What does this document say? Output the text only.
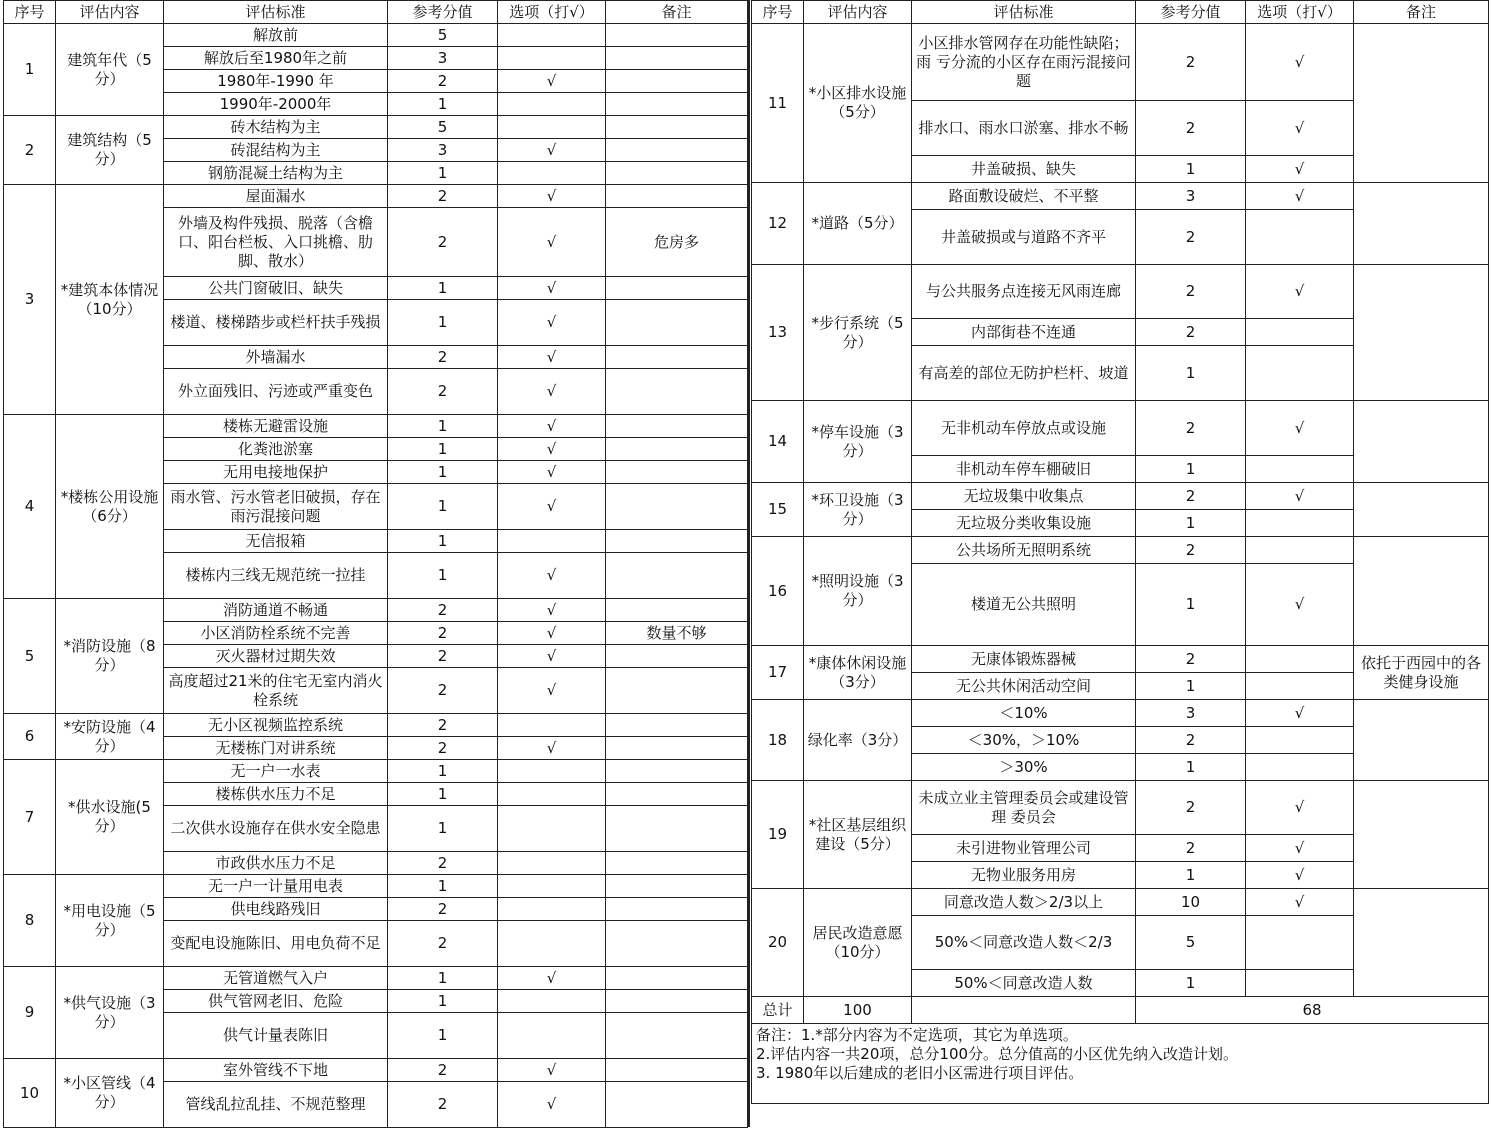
序号	评估内容	评估标准	参考分值	选项（打√）	备注
1	建筑年代（5分）	解放前	5		
		解放后至1980年之前	3		
		1980年-1990 年	2	√	
		1990年-2000年	1		
2	建筑结构（5分）	砖木结构为主	5		
		砖混结构为主	3	√	
		钢筋混凝土结构为主	1		
3	*建筑本体情况（10分）	屋面漏水	2	√	
		外墙及构件残损、脱落（含檐口、阳台栏板、入口挑檐、肋脚、散水）	2	√	危房多
		公共门窗破旧、缺失	1	√	
		楼道、楼梯踏步或栏杆扶手残损	1	√	
		外墙漏水	2	√	
		外立面残旧、污迹或严重变色	2	√	
4	*楼栋公用设施（6分）	楼栋无避雷设施	1	√	
		化粪池淤塞	1	√	
		无用电接地保护	1	√	
		雨水管、污水管老旧破损，存在雨污混接问题	1	√	
		无信报箱	1		
		楼栋内三线无规范统一拉挂	1	√	
5	*消防设施（8分）	消防通道不畅通	2	√	
		小区消防栓系统不完善	2	√	数量不够
		灭火器材过期失效	2	√	
		高度超过21米的住宅无室内消火栓系统	2	√	
6	*安防设施（4分）	无小区视频监控系统	2		
		无楼栋门对讲系统	2	√	
7	*供水设施(5分）	无一户一水表	1		
		楼栋供水压力不足	1		
		二次供水设施存在供水安全隐患	1		
		市政供水压力不足	2		
8	*用电设施（5分）	无一户一计量用电表	1		
		供电线路残旧	2		
		变配电设施陈旧、用电负荷不足	2		
9	*供气设施（3分）	无管道燃气入户	1	√	
		供气管网老旧、危险	1		
		供气计量表陈旧	1		
10	*小区管线（4分）	室外管线不下地	2	√	
		管线乱拉乱挂、不规范整理	2	√	
序号	评估内容	评估标准	参考分值	选项（打√）	备注
11	*小区排水设施（5分）	小区排水管网存在功能性缺陷；雨 亏分流的小区存在雨污混接问题	2	√	
		排水口、雨水口淤塞、排水不畅	2	√	
		井盖破损、缺失	1	√	
12	*道路（5分）	路面敷设破烂、不平整	3	√	
		井盖破损或与道路不齐平	2		
13	*步行系统（5分）	与公共服务点连接无风雨连廊	2	√	
		内部街巷不连通	2		
		有高差的部位无防护栏杆、坡道	1		
14	*停车设施（3分）	无非机动车停放点或设施	2	√	
		非机动车停车棚破旧	1		
15	*环卫设施（3分）	无垃圾集中收集点	2	√	
		无垃圾分类收集设施	1		
16	*照明设施（3分）	公共场所无照明系统	2		
		楼道无公共照明	1	√	
17	*康体休闲设施（3分）	无康体锻炼器械	2		依托于西园中的各类健身设施
		无公共休闲活动空间	1		
18	绿化率（3分）	＜10%	3	√	
		＜30%，＞10%	2		
		＞30%	1		
19	*社区基层组织建设（5分）	未成立业主管理委员会或建设管理 委员会	2	√	
		未引进物业管理公司	2	√	
		无物业服务用房	1	√	
20	居民改造意愿（10分）	同意改造人数＞2/3以上	10	√	
		50%＜同意改造人数＜2/3	5		
		50%＜同意改造人数	1		
总计	100		68		

备注：1.*部分内容为不定选项，其它为单选项。
2.评估内容一共20项，总分100分。总分值高的小区优先纳入改造计划。
3. 1980年以后建成的老旧小区需进行项目评估。					
